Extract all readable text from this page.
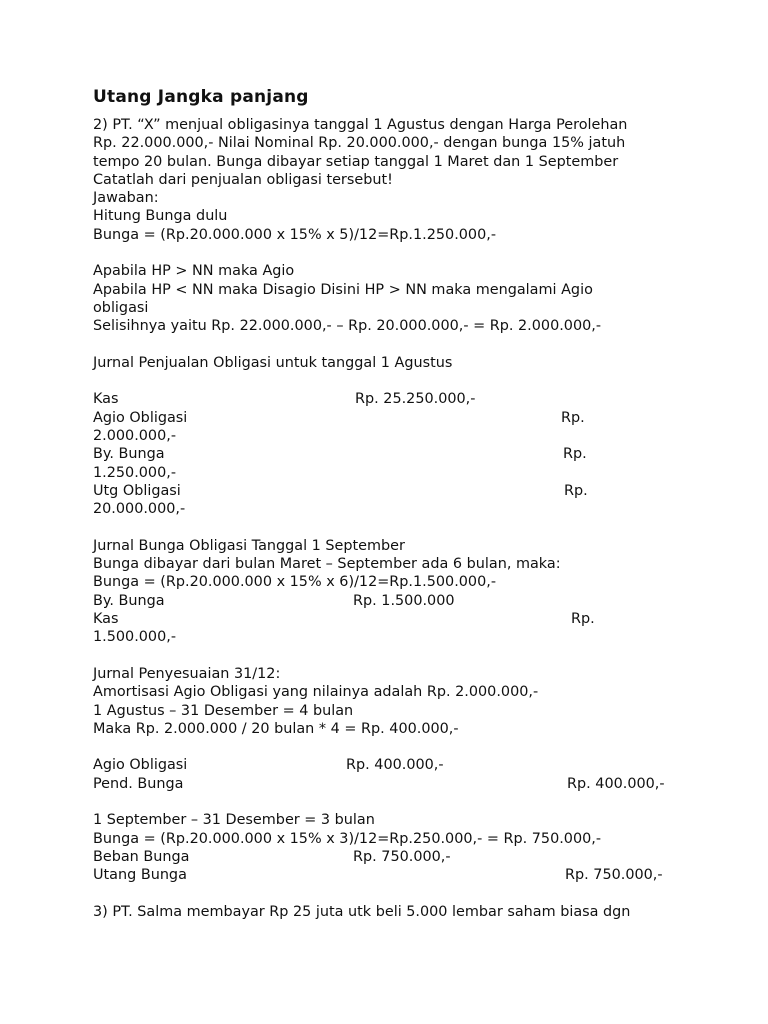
Utang Jangka panjang
2) PT. “X” menjual obligasinya tanggal 1 Agustus dengan Harga Perolehan
Rp. 22.000.000,- Nilai Nominal Rp. 20.000.000,- dengan bunga 15% jatuh
tempo 20 bulan. Bunga dibayar setiap tanggal 1 Maret dan 1 September
Catatlah dari penjualan obligasi tersebut!
Jawaban:
Hitung Bunga dulu
Bunga = (Rp.20.000.000 x 15% x 5)/12=Rp.1.250.000,-
Apabila HP > NN maka Agio
Apabila HP < NN maka Disagio Disini HP > NN maka mengalami Agio
obligasi
Selisihnya yaitu Rp. 22.000.000,- – Rp. 20.000.000,- = Rp. 2.000.000,-
Jurnal Penjualan Obligasi untuk tanggal 1 Agustus
Kas	Rp. 25.250.000,-
Agio Obligasi	Rp.
2.000.000,-
By. Bunga	Rp.
1.250.000,-
Utg Obligasi	Rp.
20.000.000,-
Jurnal Bunga Obligasi Tanggal 1 September
Bunga dibayar dari bulan Maret – September ada 6 bulan, maka:
Bunga = (Rp.20.000.000 x 15% x 6)/12=Rp.1.500.000,-
By. Bunga	Rp. 1.500.000
Kas	Rp.
1.500.000,-
Jurnal Penyesuaian 31/12:
Amortisasi Agio Obligasi yang nilainya adalah Rp. 2.000.000,-
1 Agustus – 31 Desember = 4 bulan
Maka Rp. 2.000.000 / 20 bulan * 4 = Rp. 400.000,-
Agio Obligasi	Rp. 400.000,-
Pend. Bunga	Rp. 400.000,-
1 September – 31 Desember = 3 bulan
Bunga = (Rp.20.000.000 x 15% x 3)/12=Rp.250.000,- = Rp. 750.000,-
Beban Bunga	Rp. 750.000,-
Utang Bunga	Rp. 750.000,-
3) PT. Salma membayar Rp 25 juta utk beli 5.000 lembar saham biasa dgn
